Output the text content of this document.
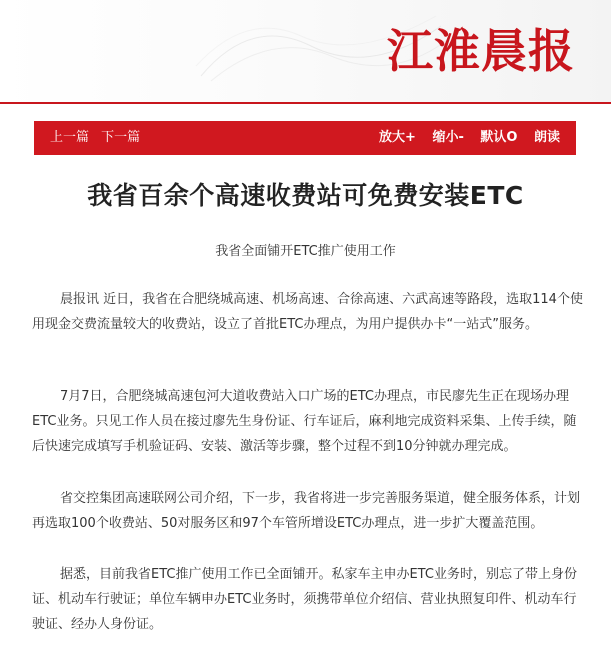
江淮晨报
上一篇 下一篇	放大+ 缩小- 默认O 朗读
我省百余个高速收费站可免费安装ETC
我省全面铺开ETC推广使用工作

晨报讯 近日，我省在合肥绕城高速、机场高速、合徐高速、六武高速等路段，选取114个使用现金交费流量较大的收费站，设立了首批ETC办理点，为用户提供办卡“一站式”服务。

7月7日，合肥绕城高速包河大道收费站入口广场的ETC办理点，市民廖先生正在现场办理ETC业务。只见工作人员在接过廖先生身份证、行车证后，麻利地完成资料采集、上传手续，随后快速完成填写手机验证码、安装、激活等步骤，整个过程不到10分钟就办理完成。

省交控集团高速联网公司介绍，下一步，我省将进一步完善服务渠道，健全服务体系，计划再选取100个收费站、50对服务区和97个车管所增设ETC办理点，进一步扩大覆盖范围。

据悉，目前我省ETC推广使用工作已全面铺开。私家车主申办ETC业务时，别忘了带上身份证、机动车行驶证；单位车辆申办ETC业务时，须携带单位介绍信、营业执照复印件、机动车行驶证、经办人身份证。
